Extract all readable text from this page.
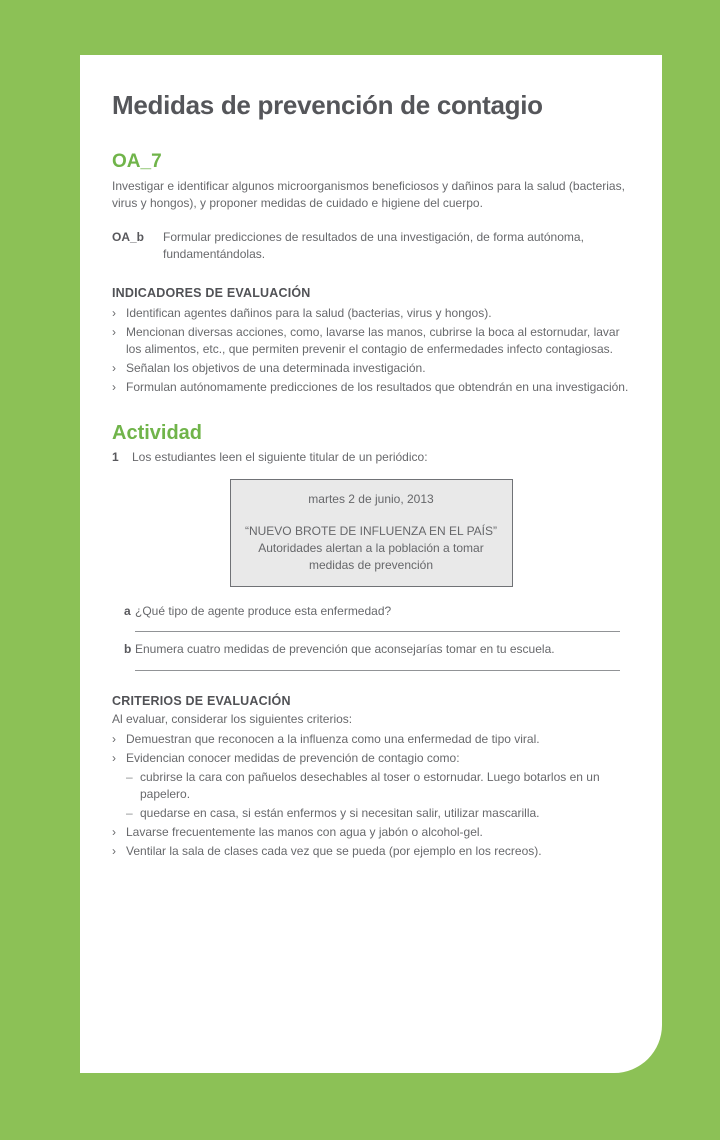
Medidas de prevención de contagio
OA_7

Investigar e identificar algunos microorganismos beneficiosos y dañinos para la salud (bacterias, virus y hongos), y proponer medidas de cuidado e higiene del cuerpo.

OA_b	Formular predicciones de resultados de una investigación, de forma autónoma, fundamentándolas.
INDICADORES DE EVALUACIÓN
› Identifican agentes dañinos para la salud (bacterias, virus y hongos).
› Mencionan diversas acciones, como, lavarse las manos, cubrirse la boca al estornudar, lavar los alimentos, etc., que permiten prevenir el contagio de enfermedades infecto contagiosas.
› Señalan los objetivos de una determinada investigación.
› Formulan autónomamente predicciones de los resultados que obtendrán en una investigación.
Actividad
1	Los estudiantes leen el siguiente titular de un periódico:
martes 2 de junio, 2013
“NUEVO BROTE DE INFLUENZA EN EL PAÍS”
Autoridades alertan a la población a tomar medidas de prevención
a ¿Qué tipo de agente produce esta enfermedad?
b Enumera cuatro medidas de prevención que aconsejarías tomar en tu escuela.
CRITERIOS DE EVALUACIÓN

Al evaluar, considerar los siguientes criterios:

› Demuestran que reconocen a la influenza como una enfermedad de tipo viral.
› Evidencian conocer medidas de prevención de contagio como:
– cubrirse la cara con pañuelos desechables al toser o estornudar. Luego botarlos en un papelero.
– quedarse en casa, si están enfermos y si necesitan salir, utilizar mascarilla.
› Lavarse frecuentemente las manos con agua y jabón o alcohol-gel.
› Ventilar la sala de clases cada vez que se pueda (por ejemplo en los recreos).
